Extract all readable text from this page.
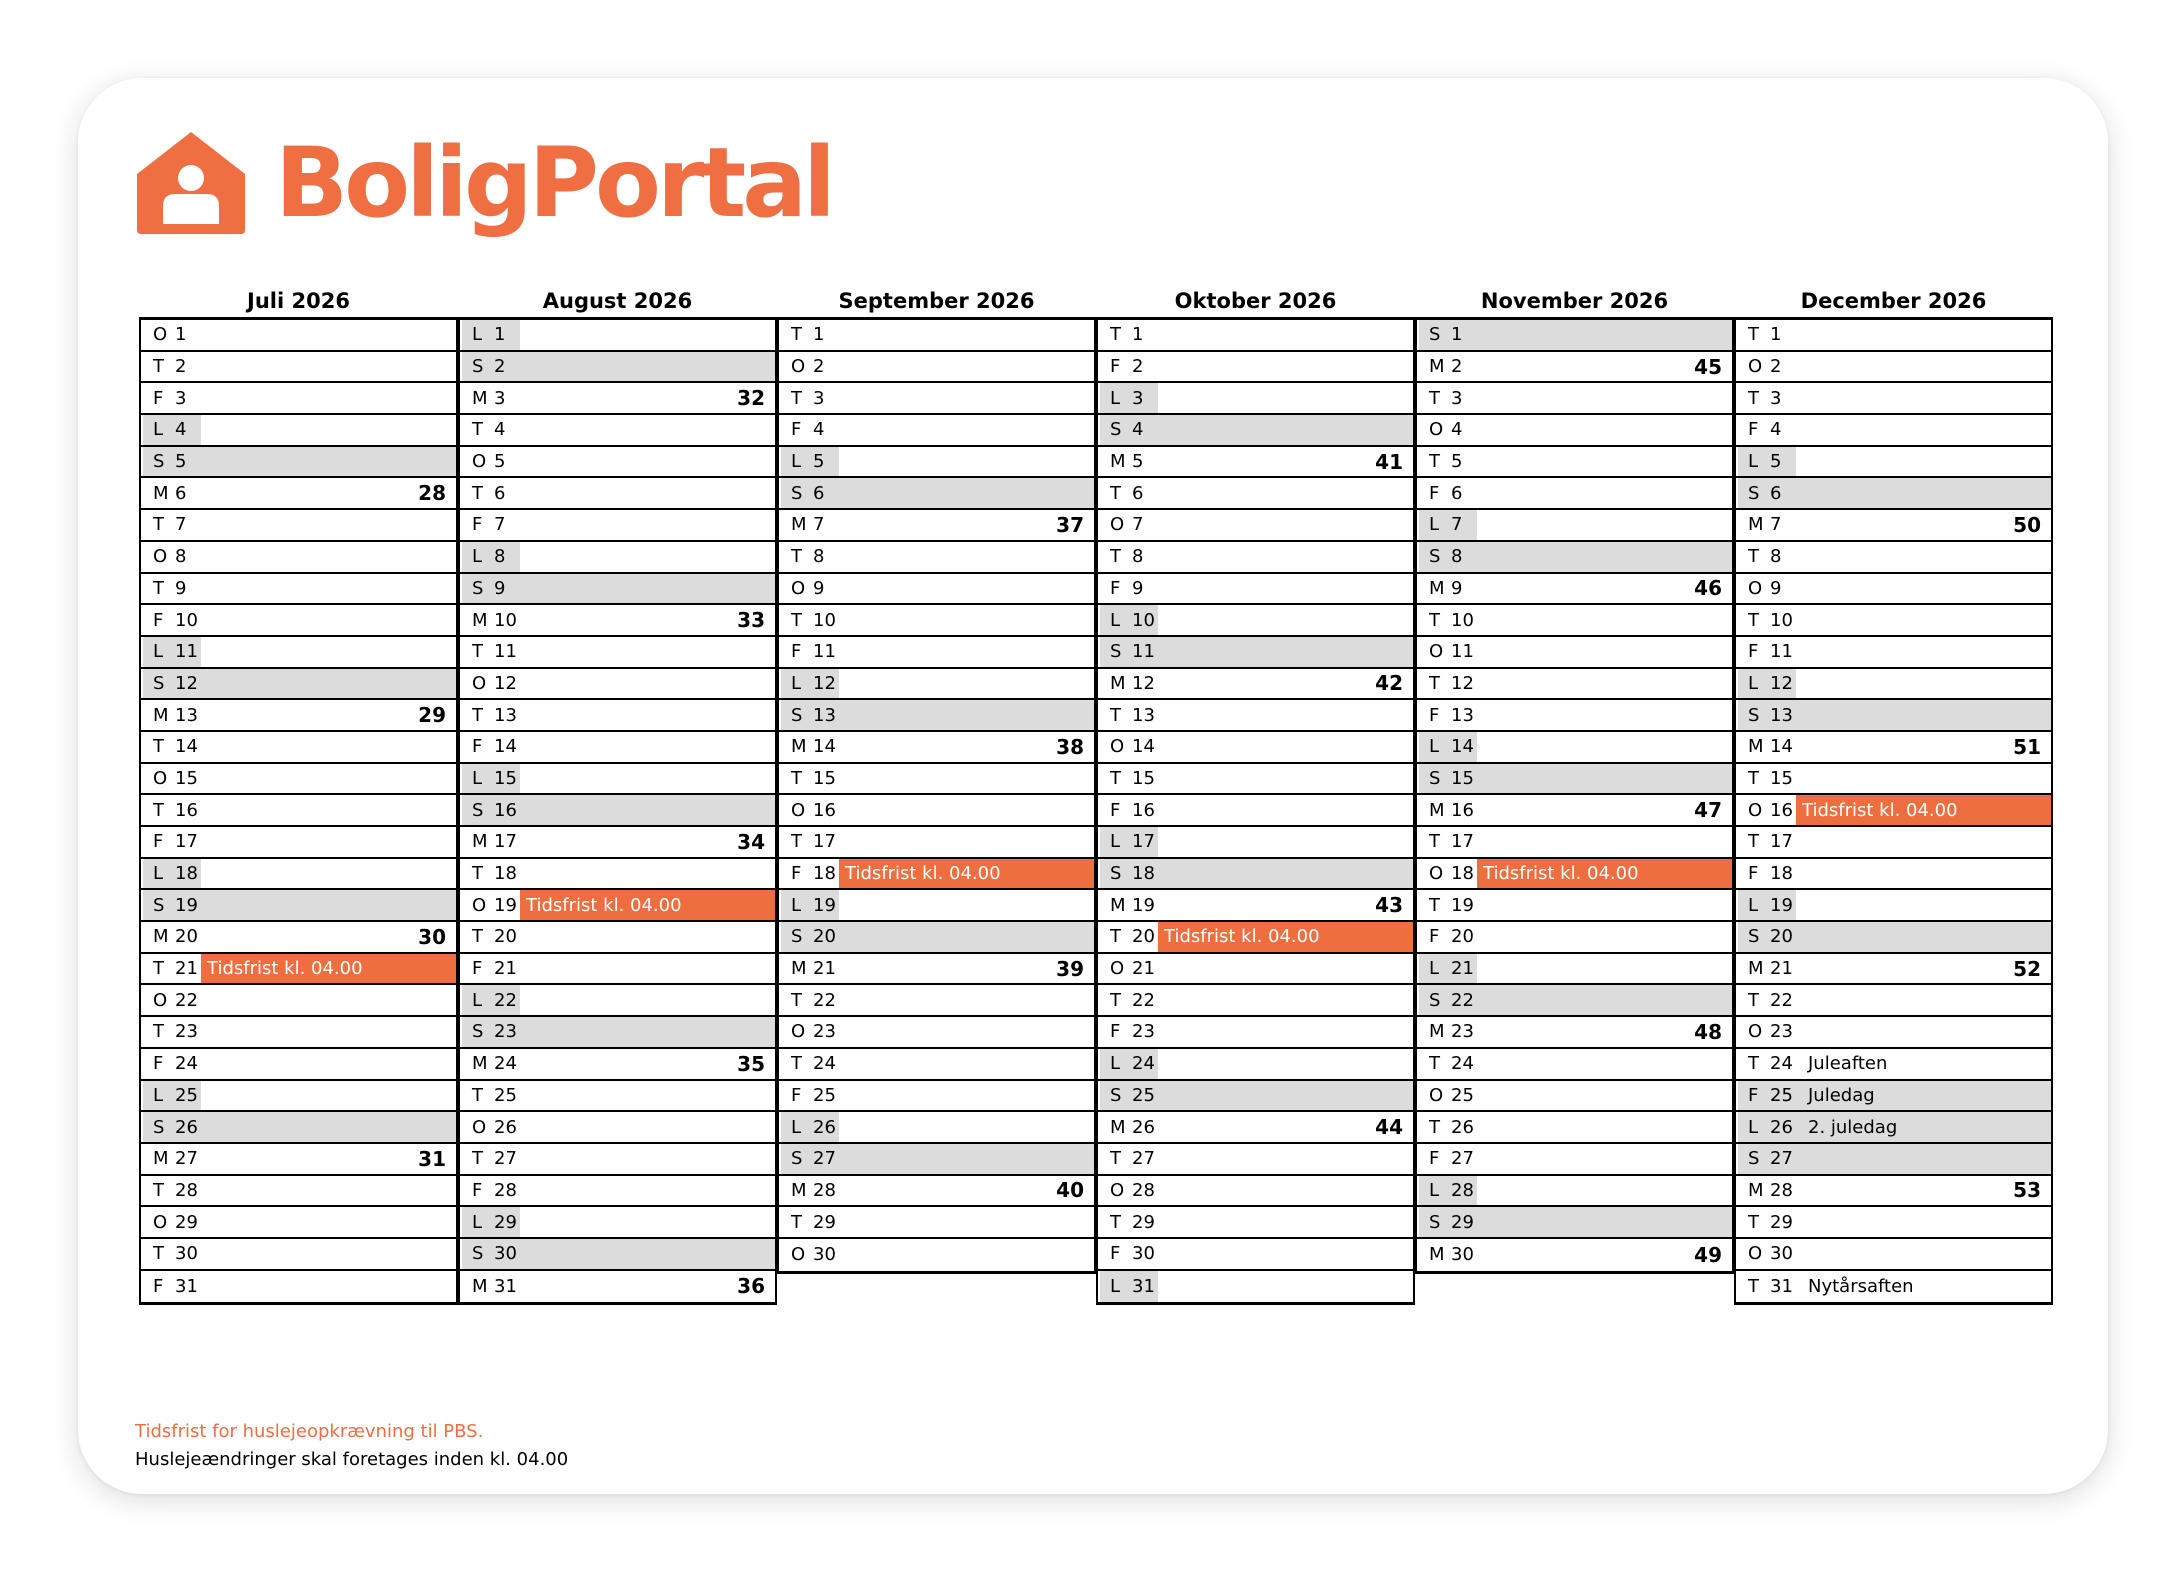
BoligPortal
Juli 2026
O 1
T 2
F 3
L 4
S 5
M 6	28
T 7
O 8
T 9
F 10
L 11
S 12
M 13	29
T 14
O 15
T 16
F 17
L 18
S 19
M 20	30
T 21 Tidsfrist kl. 04.00
O 22
T 23
F 24
L 25
S 26
M 27	31
T 28
O 29
T 30
F 31
August 2026
L 1
S 2
M 3	32
T 4
O 5
T 6
F 7
L 8
S 9
M 10	33
T 11
O 12
T 13
F 14
L 15
S 16
M 17	34
T 18
O 19 Tidsfrist kl. 04.00
T 20
F 21
L 22
S 23
M 24	35
T 25
O 26
T 27
F 28
L 29
S 30
M 31	36
September 2026
T 1
O 2
T 3
F 4
L 5
S 6
M 7	37
T 8
O 9
T 10
F 11
L 12
S 13
M 14	38
T 15
O 16
T 17
F 18 Tidsfrist kl. 04.00
L 19
S 20
M 21	39
T 22
O 23
T 24
F 25
L 26
S 27
M 28	40
T 29
O 30
Oktober 2026
T 1
F 2
L 3
S 4
M 5	41
T 6
O 7
T 8
F 9
L 10
S 11
M 12	42
T 13
O 14
T 15
F 16
L 17
S 18
M 19	43
T 20 Tidsfrist kl. 04.00
O 21
T 22
F 23
L 24
S 25
M 26	44
T 27
O 28
T 29
F 30
L 31
November 2026
S 1
M 2	45
T 3
O 4
T 5
F 6
L 7
S 8
M 9	46
T 10
O 11
T 12
F 13
L 14
S 15
M 16	47
T 17
O 18 Tidsfrist kl. 04.00
T 19
F 20
L 21
S 22
M 23	48
T 24
O 25
T 26
F 27
L 28
S 29
M 30	49
December 2026
T 1
O 2
T 3
F 4
L 5
S 6
M 7	50
T 8
O 9
T 10
F 11
L 12
S 13
M 14	51
T 15
O 16 Tidsfrist kl. 04.00
T 17
F 18
L 19
S 20
M 21	52
T 22
O 23
T 24 Juleaften
F 25 Juledag
L 26 2. juledag
S 27
M 28	53
T 29
O 30
T 31 Nytårsaften
Tidsfrist for huslejeopkrævning til PBS.
Huslejeændringer skal foretages inden kl. 04.00
